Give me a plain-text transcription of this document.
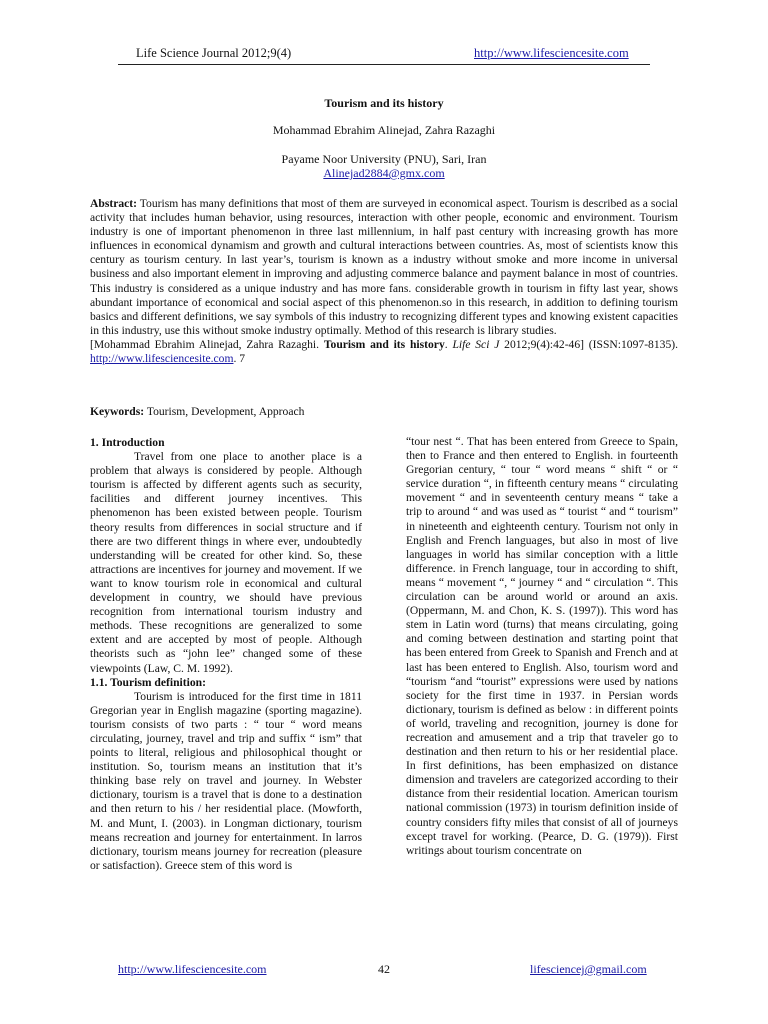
Life Science Journal 2012;9(4)	http://www.lifesciencesite.com
Tourism and its history
Mohammad Ebrahim Alinejad, Zahra Razaghi
Payame Noor University (PNU), Sari, Iran
Alinejad2884@gmx.com

Abstract: Tourism has many definitions that most of them are surveyed in economical aspect. Tourism is described as a social activity that includes human behavior, using resources, interaction with other people, economic and environment. Tourism industry is one of important phenomenon in three last millennium, in half past century with increasing growth has more influences in economical dynamism and growth and cultural interactions between countries. As, most of scientists know this century as tourism century. In last year’s, tourism is known as a industry without smoke and more income in universal business and also important element in improving and adjusting commerce balance and payment balance in most of countries. This industry is considered as a unique industry and has more fans. considerable growth in tourism in fifty last year, shows abundant importance of economical and social aspect of this phenomenon.so in this research, in addition to defining tourism basics and different definitions, we say symbols of this industry to recognizing different types and knowing existent capacities in this industry, use this without smoke industry optimally. Method of this research is library studies.

[Mohammad Ebrahim Alinejad, Zahra Razaghi. Tourism and its history. Life Sci J 2012;9(4):42-46] (ISSN:1097-8135). http://www.lifesciencesite.com. 7

Keywords: Tourism, Development, Approach
1. Introduction

Travel from one place to another place is a problem that always is considered by people. Although tourism is affected by different agents such as security, facilities and different journey incentives. This phenomenon has been existed between people. Tourism theory results from differences in social structure and if there are two different things in where ever, undoubtedly understanding will be created for other kind. So, these attractions are incentives for journey and movement. If we want to know tourism role in economical and cultural development in country, we should have previous recognition from international tourism industry and methods. These recognitions are generalized to some extent and are accepted by most of people. Although theorists such as “john lee” changed some of these viewpoints (Law, C. M. 1992).

1.1. Tourism definition:

Tourism is introduced for the first time in 1811 Gregorian year in English magazine (sporting magazine). tourism consists of two parts : “ tour “ word means circulating, journey, travel and trip and suffix “ ism” that points to literal, religious and philosophical thought or institution. So, tourism means an institution that it’s thinking base rely on travel and journey. In Webster dictionary, tourism is a travel that is done to a destination and then return to his / her residential place. (Mowforth, M. and Munt, I. (2003). in Longman dictionary, tourism means recreation and journey for entertainment. In larros dictionary, tourism means journey for recreation (pleasure or satisfaction). Greece stem of this word is

“tour nest “. That has been entered from Greece to Spain, then to France and then entered to English. in fourteenth Gregorian century, “ tour “ word means “ shift “ or “ service duration “, in fifteenth century means “ circulating movement “ and in seventeenth century means “ take a trip to around “ and was used as “ tourist “ and “ tourism” in nineteenth and eighteenth century. Tourism not only in English and French languages, but also in most of live languages in world has similar conception with a little difference. in French language, tour in according to shift, means “ movement “, “ journey “ and “ circulation “. This circulation can be around world or around an axis. (Oppermann, M. and Chon, K. S. (1997)). This word has stem in Latin word (turns) that means circulating, going and coming between destination and starting point that has been entered from Greek to Spanish and French and at last has been entered to English. Also, tourism word and “tourism “and “tourist” expressions were used by nations society for the first time in 1937. in Persian words dictionary, tourism is defined as below : in different points of world, traveling and recognition, journey is done for recreation and amusement and a trip that traveler go to destination and then return to his or her residential place. In first definitions, has been emphasized on distance dimension and travelers are categorized according to their distance from their residential location. American tourism national commission (1973) in tourism definition inside of country considers fifty miles that consist of all of journeys except travel for working. (Pearce, D. G. (1979)). First writings about tourism concentrate on

http://www.lifesciencesite.com	42	lifesciencej@gmail.com
